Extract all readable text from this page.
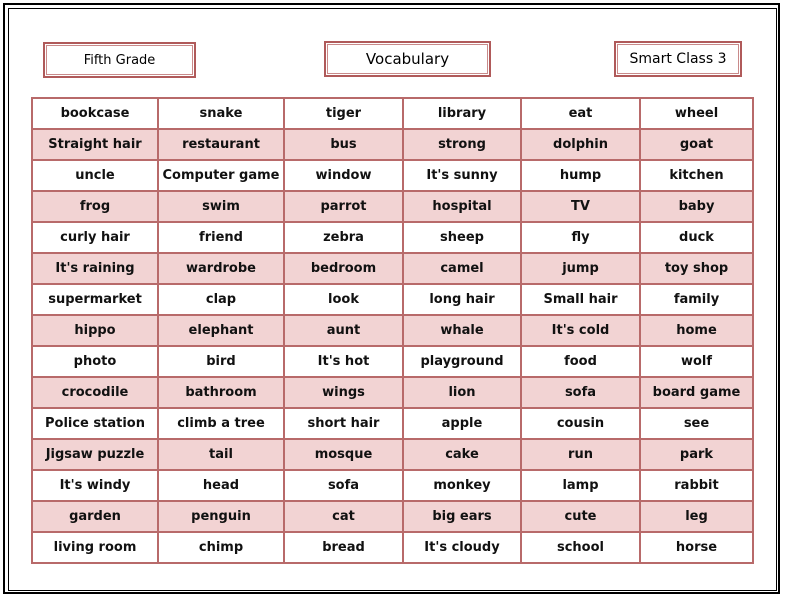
Fifth Grade	Vocabulary	Smart Class 3
bookcase	snake	tiger	library	eat	wheel
Straight hair	restaurant	bus	strong	dolphin	goat
uncle	Computer game	window	It's sunny	hump	kitchen
frog	swim	parrot	hospital	TV	baby
curly hair	friend	zebra	sheep	fly	duck
It's raining	wardrobe	bedroom	camel	jump	toy shop
supermarket	clap	look	long hair	Small hair	family
hippo	elephant	aunt	whale	It's cold	home
photo	bird	It's hot	playground	food	wolf
crocodile	bathroom	wings	lion	sofa	board game
Police station	climb a tree	short hair	apple	cousin	see
Jigsaw puzzle	tail	mosque	cake	run	park
It's windy	head	sofa	monkey	lamp	rabbit
garden	penguin	cat	big ears	cute	leg
living room	chimp	bread	It's cloudy	school	horse
